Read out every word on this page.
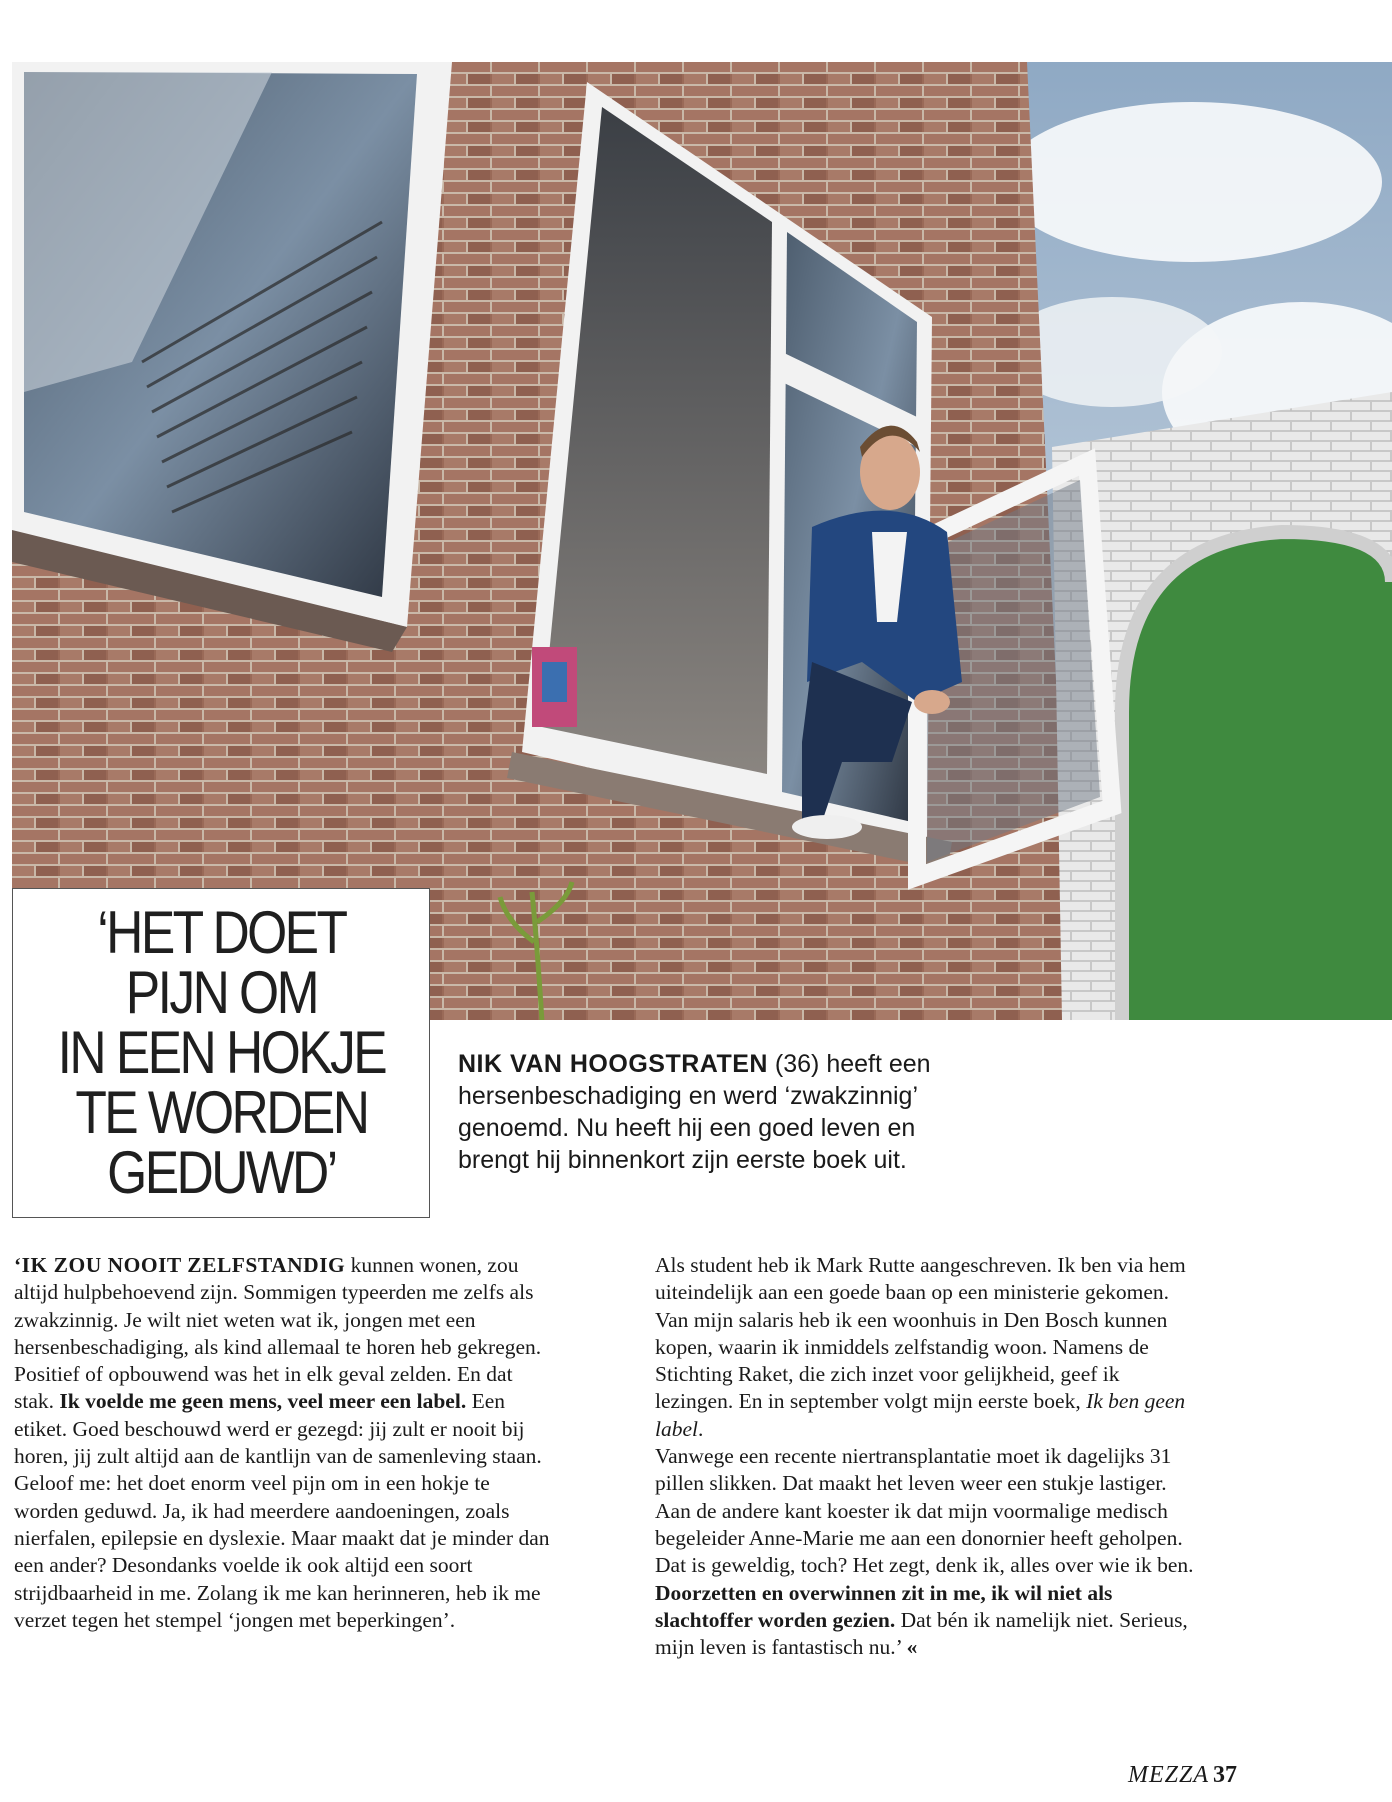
‘HET DOET
PIJN OM
IN EEN HOKJE
TE WORDEN
GEDUWD’

NIK VAN HOOGSTRATEN (36) heeft een

hersenbeschadiging en werd ‘zwakzinnig’

genoemd. Nu heeft hij een goed leven en

brengt hij binnenkort zijn eerste boek uit.

‘IK ZOU NOOIT ZELFSTANDIG kunnen wonen, zou altijd hulpbehoevend zijn. Sommigen typeerden me zelfs als zwakzinnig. Je wilt niet weten wat ik, jongen met een hersenbeschadiging, als kind allemaal te horen heb gekregen. Positief of opbouwend was het in elk geval zelden. En dat stak. Ik voelde me geen mens, veel meer een label. Een etiket. Goed beschouwd werd er gezegd: jij zult er nooit bij horen, jij zult altijd aan de kantlijn van de samenleving staan.

Geloof me: het doet enorm veel pijn om in een hokje te worden geduwd. Ja, ik had meerdere aandoeningen, zoals nierfalen, epilepsie en dyslexie. Maar maakt dat je minder dan een ander? Desondanks voelde ik ook altijd een soort strijdbaarheid in me. Zolang ik me kan herinneren, heb ik me verzet tegen het stempel ‘jongen met beperkingen’.

Als student heb ik Mark Rutte aangeschreven. Ik ben via hem uiteindelijk aan een goede baan op een ministerie gekomen. Van mijn salaris heb ik een woonhuis in Den Bosch kunnen kopen, waarin ik inmiddels zelfstandig woon. Namens de Stichting Raket, die zich inzet voor gelijkheid, geef ik lezingen. En in september volgt mijn eerste boek, Ik ben geen label.

Vanwege een recente niertransplantatie moet ik dagelijks 31 pillen slikken. Dat maakt het leven weer een stukje lastiger. Aan de andere kant koester ik dat mijn voormalige medisch begeleider Anne-Marie me aan een donornier heeft geholpen. Dat is geweldig, toch? Het zegt, denk ik, alles over wie ik ben. Doorzetten en overwinnen zit in me, ik wil niet als slachtoffer worden gezien. Dat bén ik namelijk niet. Serieus, mijn leven is fantastisch nu.’ «

MEZZA 37
